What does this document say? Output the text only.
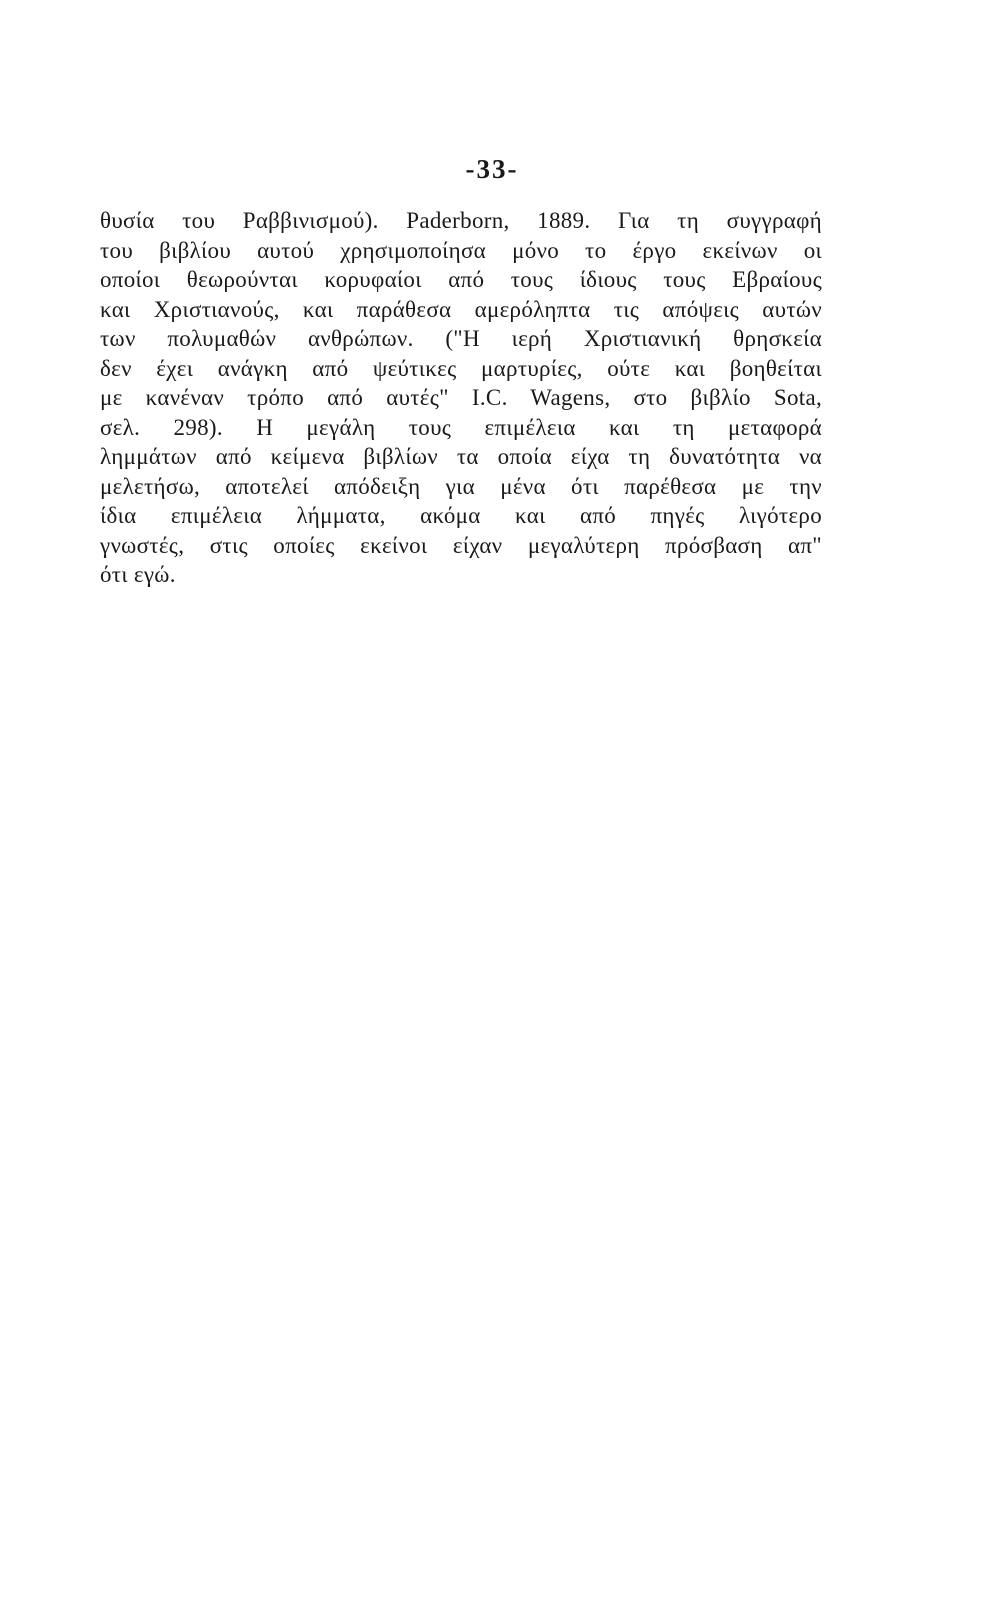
-33-

θυσία του Ραββινισμού). Paderborn, 1889. Για τη συγγραφή
του βιβλίου αυτού χρησιμοποίησα μόνο το έργο εκείνων οι
οποίοι θεωρούνται κορυφαίοι από τους ίδιους τους Εβραίους
και Χριστιανούς, και παράθεσα αμερόληπτα τις απόψεις αυτών
των πολυμαθών ανθρώπων. ("Η ιερή Χριστιανική θρησκεία
δεν έχει ανάγκη από ψεύτικες μαρτυρίες, ούτε και βοηθείται
με κανέναν τρόπο από αυτές" I.C. Wagens, στο βιβλίο Sota,
σελ. 298). Η μεγάλη τους επιμέλεια και τη μεταφορά
λημμάτων από κείμενα βιβλίων τα οποία είχα τη δυνατότητα να
μελετήσω, αποτελεί απόδειξη για μένα ότι παρέθεσα με την
ίδια επιμέλεια λήμματα, ακόμα και από πηγές λιγότερο
γνωστές, στις οποίες εκείνοι είχαν μεγαλύτερη πρόσβαση απ"
ότι εγώ.
